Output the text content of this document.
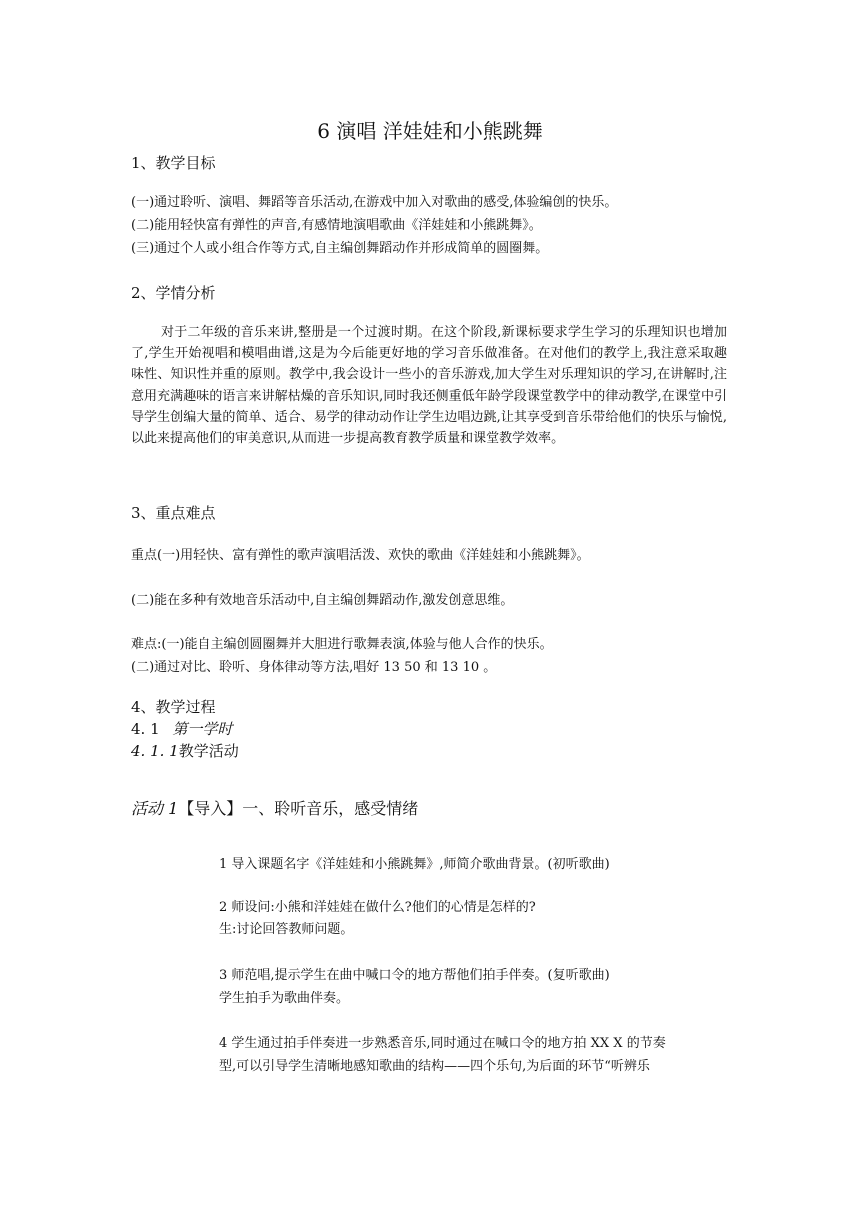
6 演唱 洋娃娃和小熊跳舞
1、教学目标
(一)通过聆听、演唱、舞蹈等音乐活动,在游戏中加入对歌曲的感受,体验编创的快乐。
(二)能用轻快富有弹性的声音,有感情地演唱歌曲《洋娃娃和小熊跳舞》。
(三)通过个人或小组合作等方式,自主编创舞蹈动作并形成简单的圆圈舞。
2、学情分析
对于二年级的音乐来讲,整册是一个过渡时期。在这个阶段,新课标要求学生学习的乐理知识也增加了,学生开始视唱和模唱曲谱,这是为今后能更好地的学习音乐做准备。在对他们的教学上,我注意采取趣味性、知识性并重的原则。教学中,我会设计一些小的音乐游戏,加大学生对乐理知识的学习,在讲解时,注意用充满趣味的语言来讲解枯燥的音乐知识,同时我还侧重低年龄学段课堂教学中的律动教学,在课堂中引导学生创编大量的简单、适合、易学的律动动作让学生边唱边跳,让其享受到音乐带给他们的快乐与愉悦,以此来提高他们的审美意识,从而进一步提高教育教学质量和课堂教学效率。
3、重点难点
重点(一)用轻快、富有弹性的歌声演唱活泼、欢快的歌曲《洋娃娃和小熊跳舞》。
(二)能在多种有效地音乐活动中,自主编创舞蹈动作,激发创意思维。
难点:(一)能自主编创圆圈舞并大胆进行歌舞表演,体验与他人合作的快乐。
(二)通过对比、聆听、身体律动等方法,唱好 13 50 和 13 10 。
4、教学过程
4. 1 第一学时
4. 1. 1教学活动
活动 1【导入】一、聆听音乐，感受情绪
1 导入课题名字《洋娃娃和小熊跳舞》,师简介歌曲背景。(初听歌曲)
2 师设问:小熊和洋娃娃在做什么?他们的心情是怎样的?
生:讨论回答教师问题。
3 师范唱,提示学生在曲中喊口令的地方帮他们拍手伴奏。(复听歌曲)
学生拍手为歌曲伴奏。
4 学生通过拍手伴奏进一步熟悉音乐,同时通过在喊口令的地方拍 XX X 的节奏
型,可以引导学生清晰地感知歌曲的结构——四个乐句,为后面的环节“听辨乐
